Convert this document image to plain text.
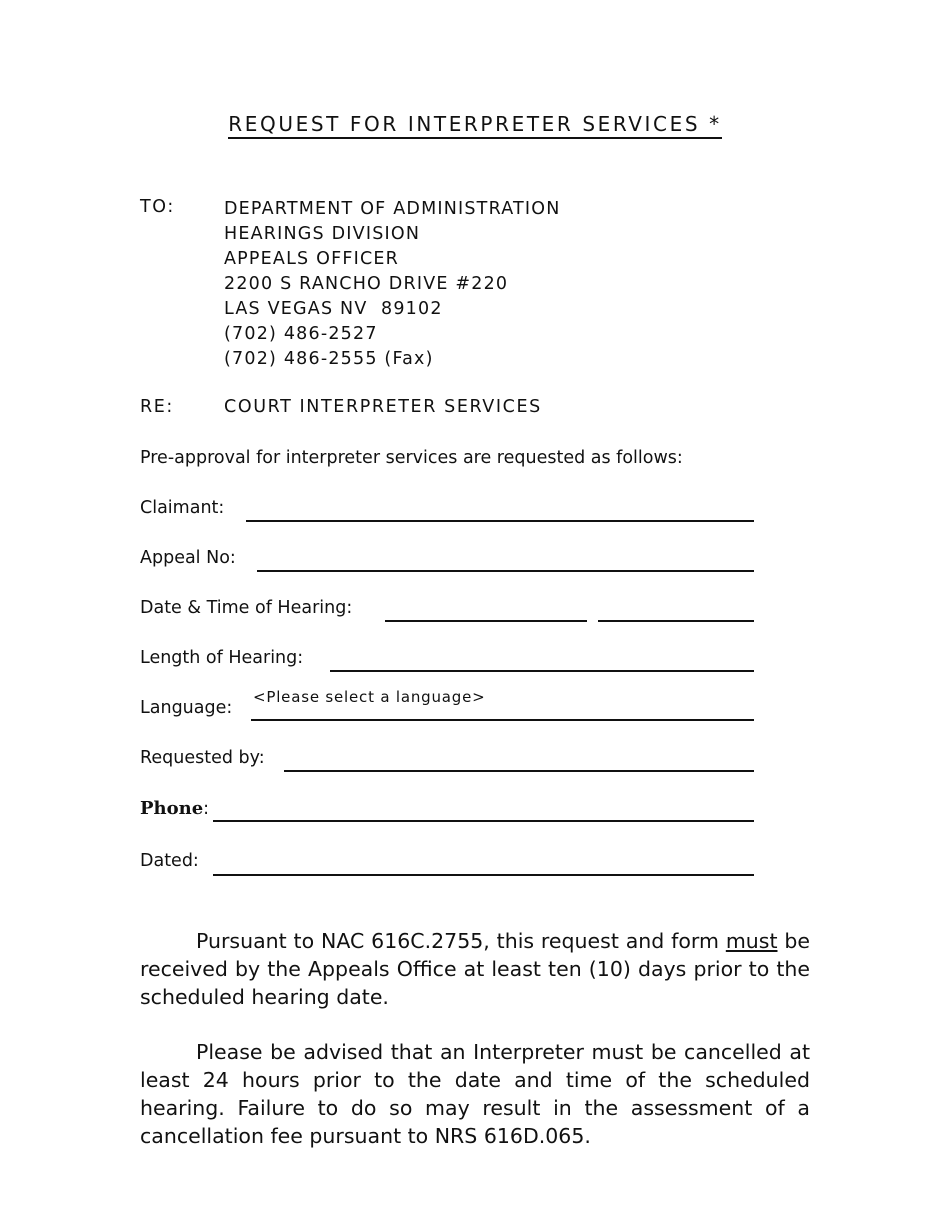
REQUEST FOR INTERPRETER SERVICES *
TO:	DEPARTMENT OF ADMINISTRATION
HEARINGS DIVISION
APPEALS OFFICER
2200 S RANCHO DRIVE #220
LAS VEGAS NV  89102
(702) 486-2527
(702) 486-2555 (Fax)
RE:	COURT INTERPRETER SERVICES
Pre-approval for interpreter services are requested as follows:
Claimant:
Appeal No:
Date & Time of Hearing:
Length of Hearing:
Language:
<Please select a language>
Requested by:
Phone:
Dated:
Pursuant to NAC 616C.2755, this request and form must be received by the Appeals Office at least ten (10) days prior to the scheduled hearing date.
Please be advised that an Interpreter must be cancelled at least 24 hours prior to the date and time of the scheduled hearing. Failure to do so may result in the assessment of a cancellation fee pursuant to NRS 616D.065.
